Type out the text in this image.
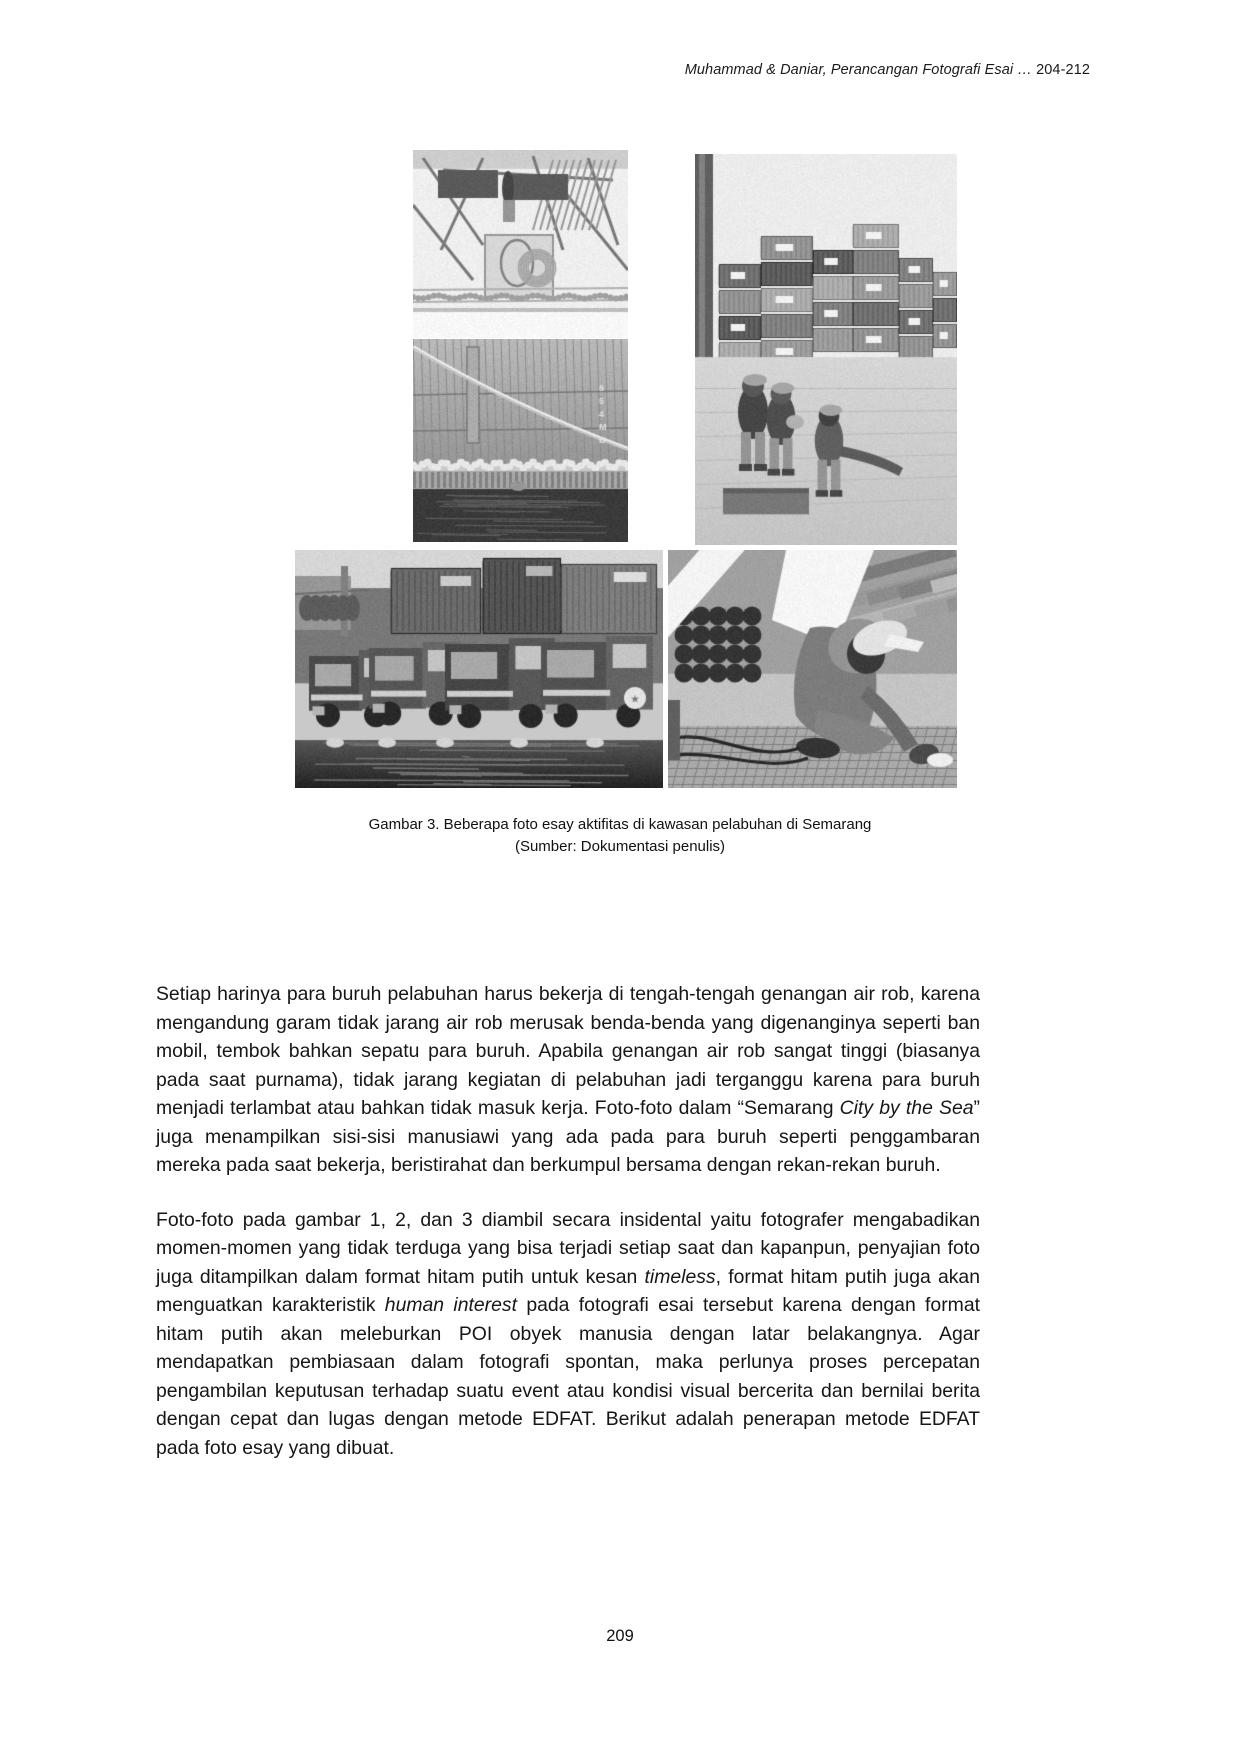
Muhammad & Daniar, Perancangan Fotografi Esai … 204-212
Gambar 3. Beberapa foto esay aktifitas di kawasan pelabuhan di Semarang
(Sumber: Dokumentasi penulis)

Setiap harinya para buruh pelabuhan harus bekerja di tengah-tengah genangan air rob, karena mengandung garam tidak jarang air rob merusak benda-benda yang digenanginya seperti ban mobil, tembok bahkan sepatu para buruh. Apabila genangan air rob sangat tinggi (biasanya pada saat purnama), tidak jarang kegiatan di pelabuhan jadi terganggu karena para buruh menjadi terlambat atau bahkan tidak masuk kerja. Foto-foto dalam “Semarang City by the Sea” juga menampilkan sisi-sisi manusiawi yang ada pada para buruh seperti penggambaran mereka pada saat bekerja, beristirahat dan berkumpul bersama dengan rekan-rekan buruh.

Foto-foto pada gambar 1, 2, dan 3 diambil secara insidental yaitu fotografer mengabadikan momen-momen yang tidak terduga yang bisa terjadi setiap saat dan kapanpun, penyajian foto juga ditampilkan dalam format hitam putih untuk kesan timeless, format hitam putih juga akan menguatkan karakteristik human interest pada fotografi esai tersebut karena dengan format hitam putih akan meleburkan POI obyek manusia dengan latar belakangnya. Agar mendapatkan pembiasaan dalam fotografi spontan, maka perlunya proses percepatan pengambilan keputusan terhadap suatu event atau kondisi visual bercerita dan bernilai berita dengan cepat dan lugas dengan metode EDFAT. Berikut adalah penerapan metode EDFAT pada foto esay yang dibuat.

209
